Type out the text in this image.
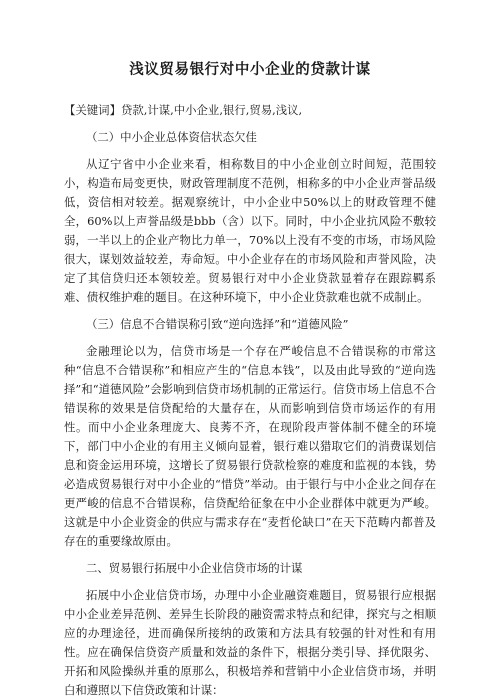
浅议贸易银行对中小企业的贷款计谋
【关键词】贷款,计谋,中小企业,银行,贸易,浅议,
（二）中小企业总体资信状态欠佳
从辽宁省中小企业来看，相称数目的中小企业创立时间短，范围较小，构造布局变更快，财政管理制度不范例，相称多的中小企业声誉品级低，资信相对较差。据观察统计，中小企业中50%以上的财政管理不健全，60%以上声誉品级是bbb（含）以下。同时，中小企业抗风险不敷较弱，一半以上的企业产物比力单一，70%以上没有不变的市场，市场风险很大，谋划效益较差，寿命短。中小企业存在的市场风险和声誉风险，决定了其信贷归还本领较差。贸易银行对中小企业贷款显着存在跟踪羁系难、债权维护难的题目。在这种环境下，中小企业贷款难也就不成制止。
（三）信息不合错误称引致“逆向选择”和“道德风险”
金融理论以为，信贷市场是一个存在严峻信息不合错误称的市常这种“信息不合错误称”和相应产生的“信息本钱”，以及由此导致的“逆向选择”和“道德风险”会影响到信贷市场机制的正常运行。信贷市场上信息不合错误称的效果是信贷配给的大量存在，从而影响到信贷市场运作的有用性。而中小企业条理庞大、良莠不齐，在现阶段声誉体制不健全的环境下，部门中小企业的有用主义倾向显着，银行难以猎取它们的消费谋划信息和资金运用环境，这增长了贸易银行贷款检察的难度和监视的本钱，势必造成贸易银行对中小企业的“惜贷”举动。由于银行与中小企业之间存在更严峻的信息不合错误称，信贷配给征象在中小企业群体中就更为严峻。这就是中小企业资金的供应与需求存在“麦哲伦缺口”在天下范畴内都普及存在的重要缘故原由。
二、贸易银行拓展中小企业信贷市场的计谋
拓展中小企业信贷市场，办理中小企业融资难题目，贸易银行应根据中小企业差异范例、差异生长阶段的融资需求特点和纪律，探究与之相顺应的办理途径，进而确保所接纳的政策和方法具有较强的针对性和有用性。应在确保信贷资产质量和效益的条件下，根据分类引导、择优限劣、开拓和风险操纵并重的原那么，积极培养和营销中小企业信贷市场，并明白和遵照以下信贷政策和计谋：
